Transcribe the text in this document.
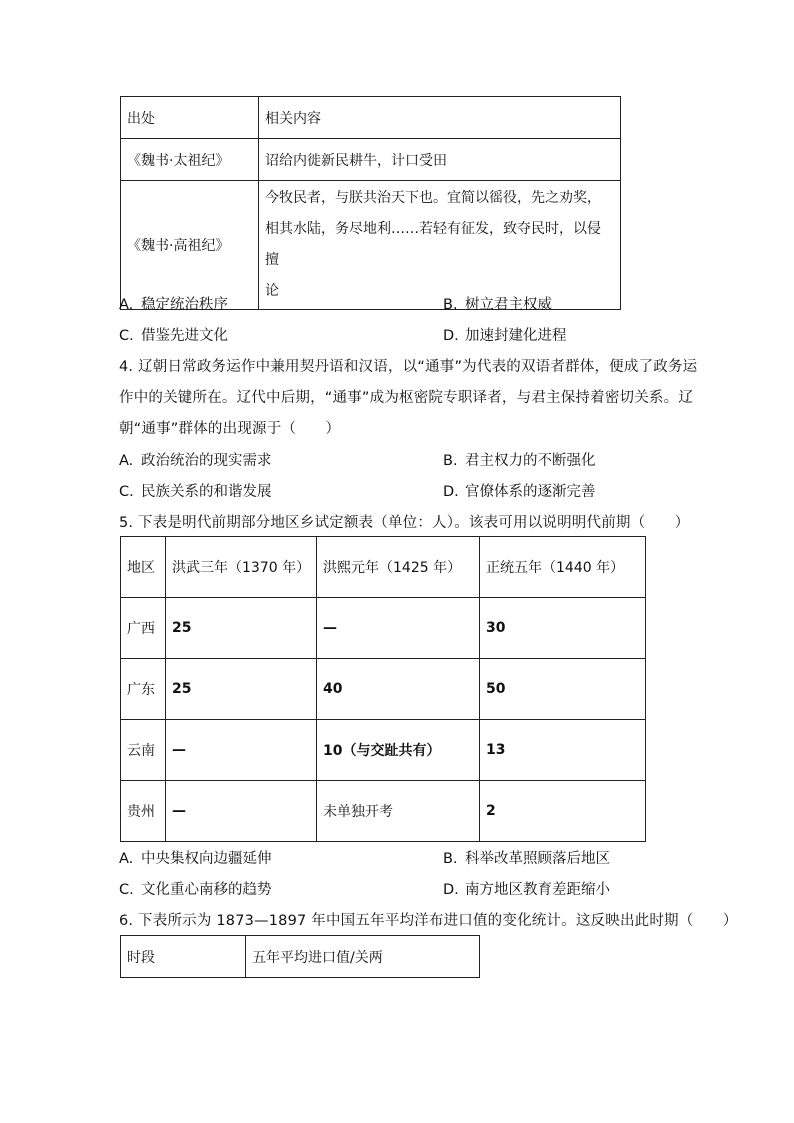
出处	相关内容
《魏书·太祖纪》	诏给内徙新民耕牛，计口受田
《魏书·高祖纪》	今牧民者，与朕共治天下也。宜简以徭役，先之劝奖，
相其水陆，务尽地利……若轻有征发，致夺民时，以侵擅
论
A. 稳定统治秩序	B. 树立君主权威
C. 借鉴先进文化	D. 加速封建化进程
4. 辽朝日常政务运作中兼用契丹语和汉语，以“通事”为代表的双语者群体，便成了政务运
作中的关键所在。辽代中后期，“通事”成为枢密院专职译者，与君主保持着密切关系。辽
朝“通事”群体的出现源于（　　）
A. 政治统治的现实需求	B. 君主权力的不断强化
C. 民族关系的和谐发展	D. 官僚体系的逐渐完善
5. 下表是明代前期部分地区乡试定额表（单位：人）。该表可用以说明明代前期（　　）
地区	洪武三年（1370 年）	洪熙元年（1425 年）	正统五年（1440 年）
广西	25	—	30
广东	25	40	50
云南	—	10（与交趾共有）	13
贵州	—	未单独开考	2
A. 中央集权向边疆延伸	B. 科举改革照顾落后地区
C. 文化重心南移的趋势	D. 南方地区教育差距缩小
6. 下表所示为 1873—1897 年中国五年平均洋布进口值的变化统计。这反映出此时期（　　）
时段	五年平均进口值/关两
